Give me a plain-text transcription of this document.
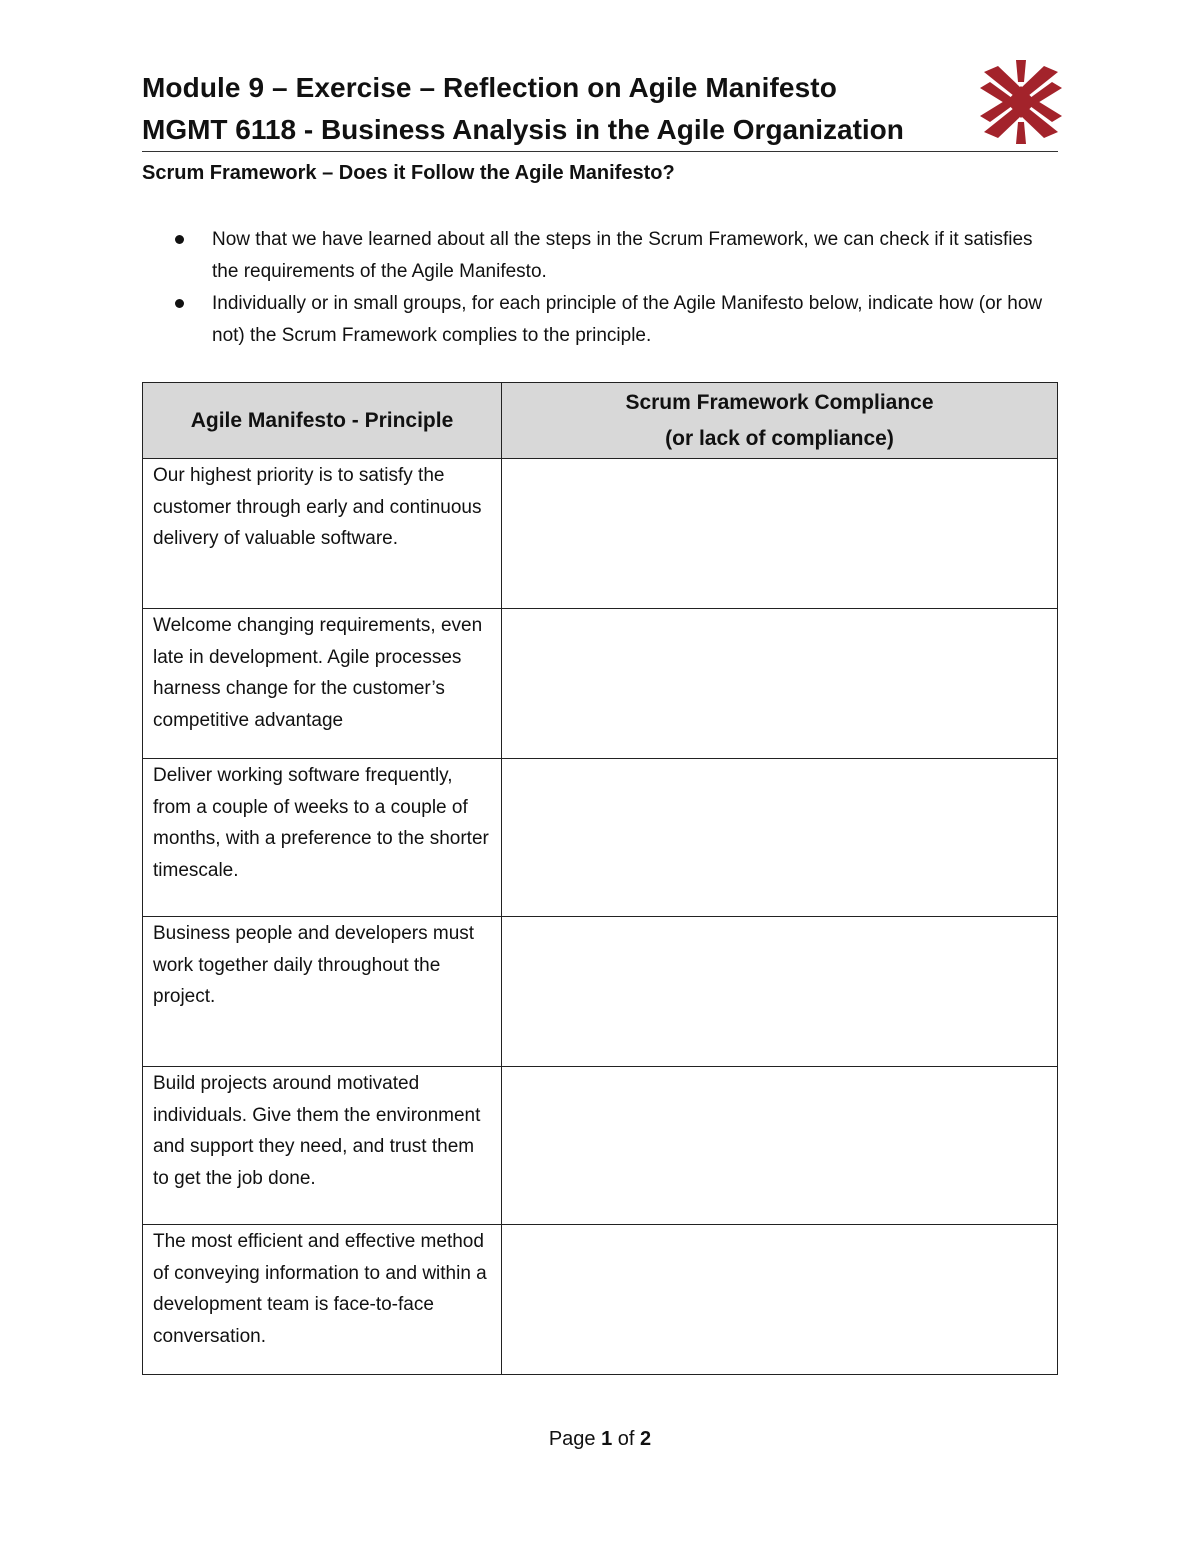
Module 9 – Exercise – Reflection on Agile Manifesto
MGMT 6118 - Business Analysis in the Agile Organization
Scrum Framework – Does it Follow the Agile Manifesto?
Now that we have learned about all the steps in the Scrum Framework, we can check if it satisfies the requirements of the Agile Manifesto.
Individually or in small groups, for each principle of the Agile Manifesto below, indicate how (or how not) the Scrum Framework complies to the principle.
Agile Manifesto - Principle	Scrum Framework Compliance
(or lack of compliance)
Our highest priority is to satisfy the customer through early and continuous delivery of valuable software.	
Welcome changing requirements, even late in development. Agile processes harness change for the customer’s competitive advantage	
Deliver working software frequently, from a couple of weeks to a couple of months, with a preference to the shorter timescale.	
Business people and developers must work together daily throughout the project.	
Build projects around motivated individuals. Give them the environment and support they need, and trust them to get the job done.	
The most efficient and effective method of conveying information to and within a development team is face-to-face conversation.	
Page 1 of 2
